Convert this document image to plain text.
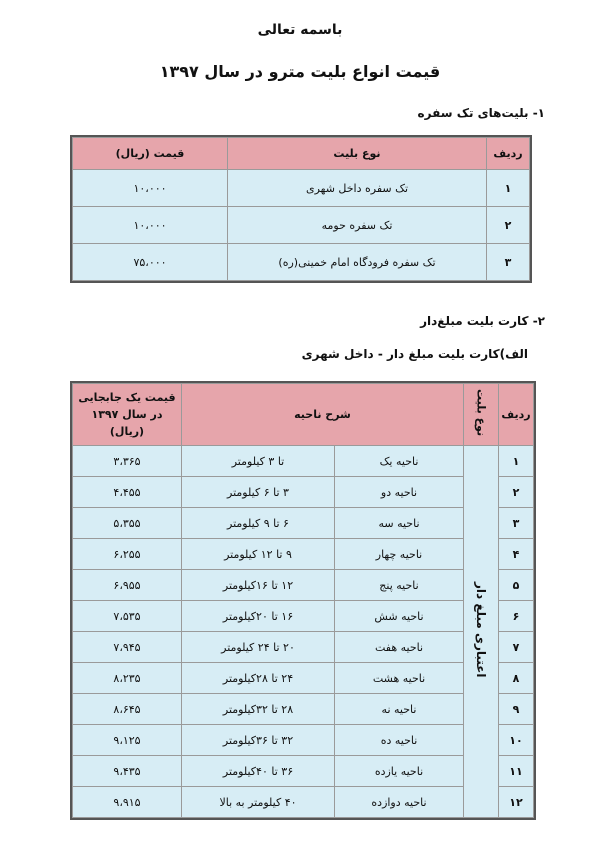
باسمه تعالی
قیمت انواع بلیت مترو در سال ۱۳۹۷
۱- بلیت‌های تک سفره
ردیف	نوع بلیت	قیمت (ریال)
۱	تک سفره داخل شهری	۱۰،۰۰۰
۲	تک سفره حومه	۱۰،۰۰۰
۳	تک سفره فرودگاه امام خمینی(ره)	۷۵،۰۰۰
۲- کارت بلیت مبلغ‌دار
الف)کارت بلیت مبلغ دار - داخل شهری
ردیف	نوع بلیت	شرح ناحیه		قیمت یک جابجایی در سال ۱۳۹۷ (ریال)
۱	اعتباری مبلغ دار	ناحیه یک	تا ۳ کیلومتر	۳،۳۶۵
۲		ناحیه دو	۳ تا ۶ کیلومتر	۴،۴۵۵
۳		ناحیه سه	۶ تا ۹ کیلومتر	۵،۳۵۵
۴		ناحیه چهار	۹ تا ۱۲ کیلومتر	۶،۲۵۵
۵		ناحیه پنج	۱۲ تا ۱۶کیلومتر	۶،۹۵۵
۶		ناحیه شش	۱۶ تا ۲۰کیلومتر	۷،۵۳۵
۷		ناحیه هفت	۲۰ تا ۲۴ کیلومتر	۷،۹۴۵
۸		ناحیه هشت	۲۴ تا ۲۸کیلومتر	۸،۲۳۵
۹		ناحیه نه	۲۸ تا ۳۲کیلومتر	۸،۶۴۵
۱۰		ناحیه ده	۳۲ تا ۳۶کیلومتر	۹،۱۲۵
۱۱		ناحیه یازده	۳۶ تا ۴۰کیلومتر	۹،۴۳۵
۱۲		ناحیه دوازده	۴۰ کیلومتر به بالا	۹،۹۱۵
